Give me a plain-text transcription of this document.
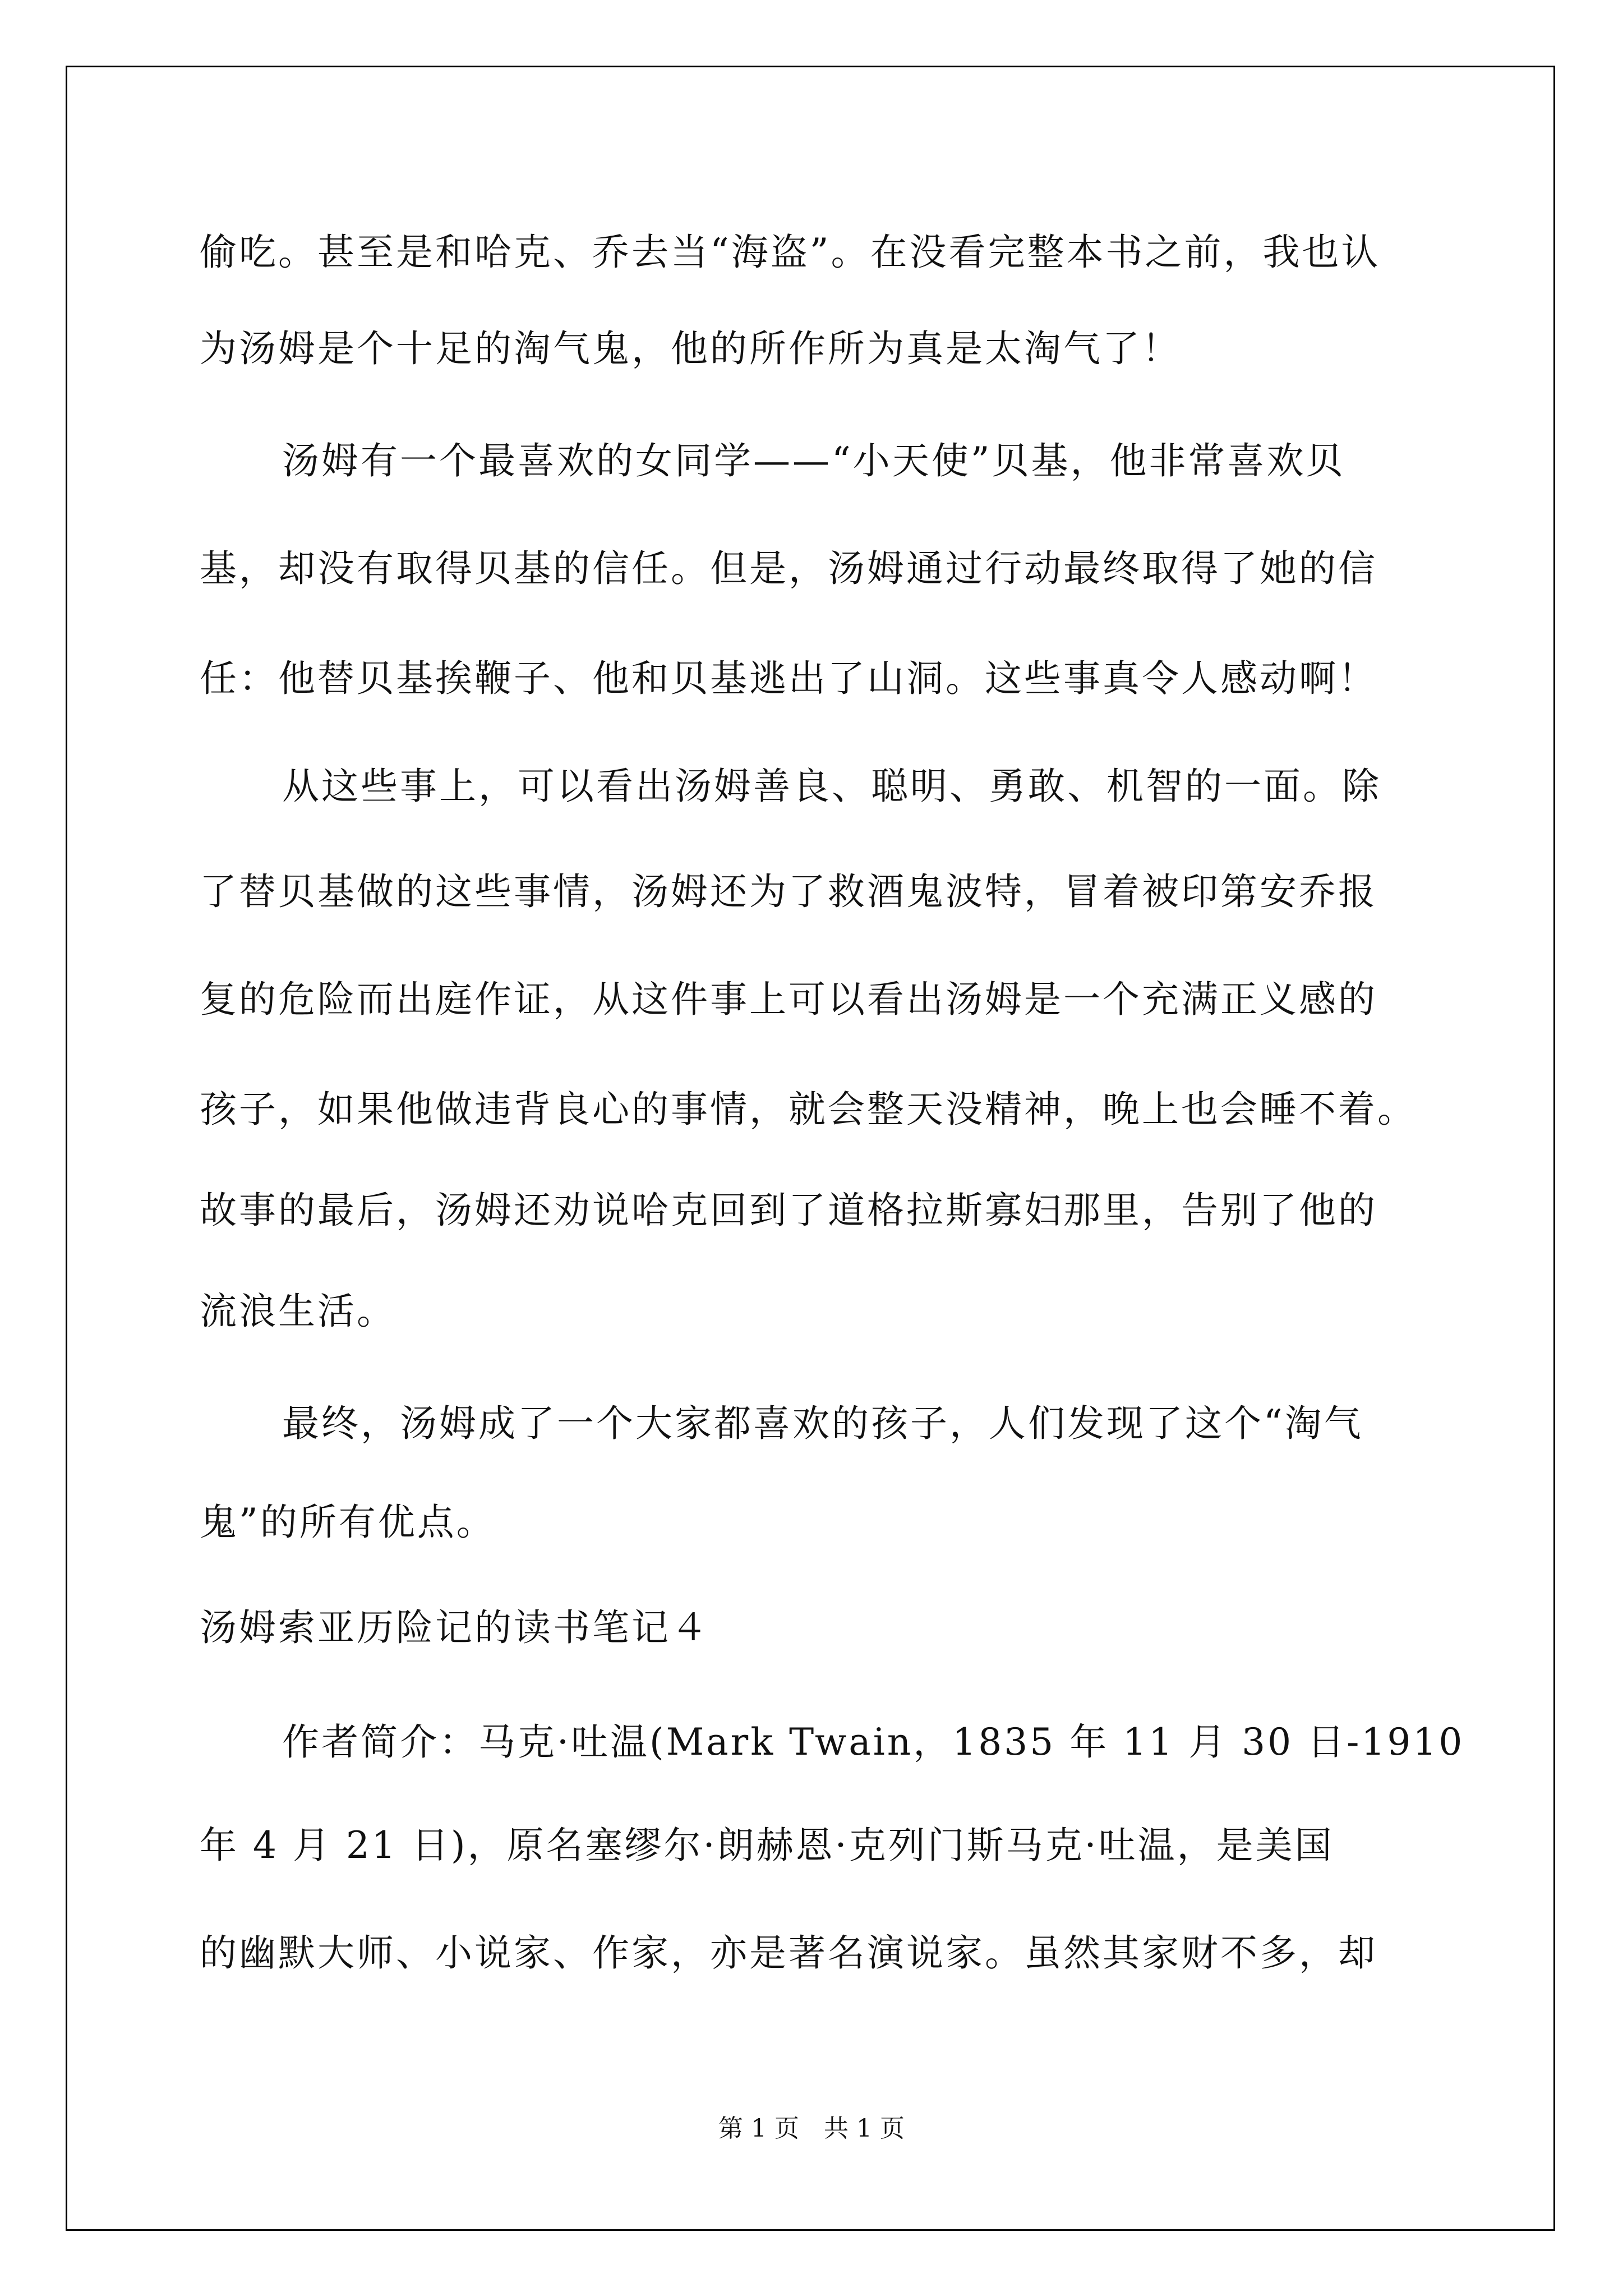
偷吃。甚至是和哈克、乔去当“海盗”。在没看完整本书之前，我也认
为汤姆是个十足的淘气鬼，他的所作所为真是太淘气了！
汤姆有一个最喜欢的女同学——“小天使”贝基，他非常喜欢贝
基，却没有取得贝基的信任。但是，汤姆通过行动最终取得了她的信
任：他替贝基挨鞭子、他和贝基逃出了山洞。这些事真令人感动啊！
从这些事上，可以看出汤姆善良、聪明、勇敢、机智的一面。除
了替贝基做的这些事情，汤姆还为了救酒鬼波特，冒着被印第安乔报
复的危险而出庭作证，从这件事上可以看出汤姆是一个充满正义感的
孩子，如果他做违背良心的事情，就会整天没精神，晚上也会睡不着。
故事的最后，汤姆还劝说哈克回到了道格拉斯寡妇那里，告别了他的
流浪生活。
最终，汤姆成了一个大家都喜欢的孩子，人们发现了这个“淘气
鬼”的所有优点。
汤姆索亚历险记的读书笔记４
作者简介：马克·吐温(Mark Twain，1835 年 11 月 30 日-1910
年 4 月 21 日)，原名塞缪尔·朗赫恩·克列门斯马克·吐温，是美国
的幽默大师、小说家、作家，亦是著名演说家。虽然其家财不多，却
第 1 页　共 1 页
